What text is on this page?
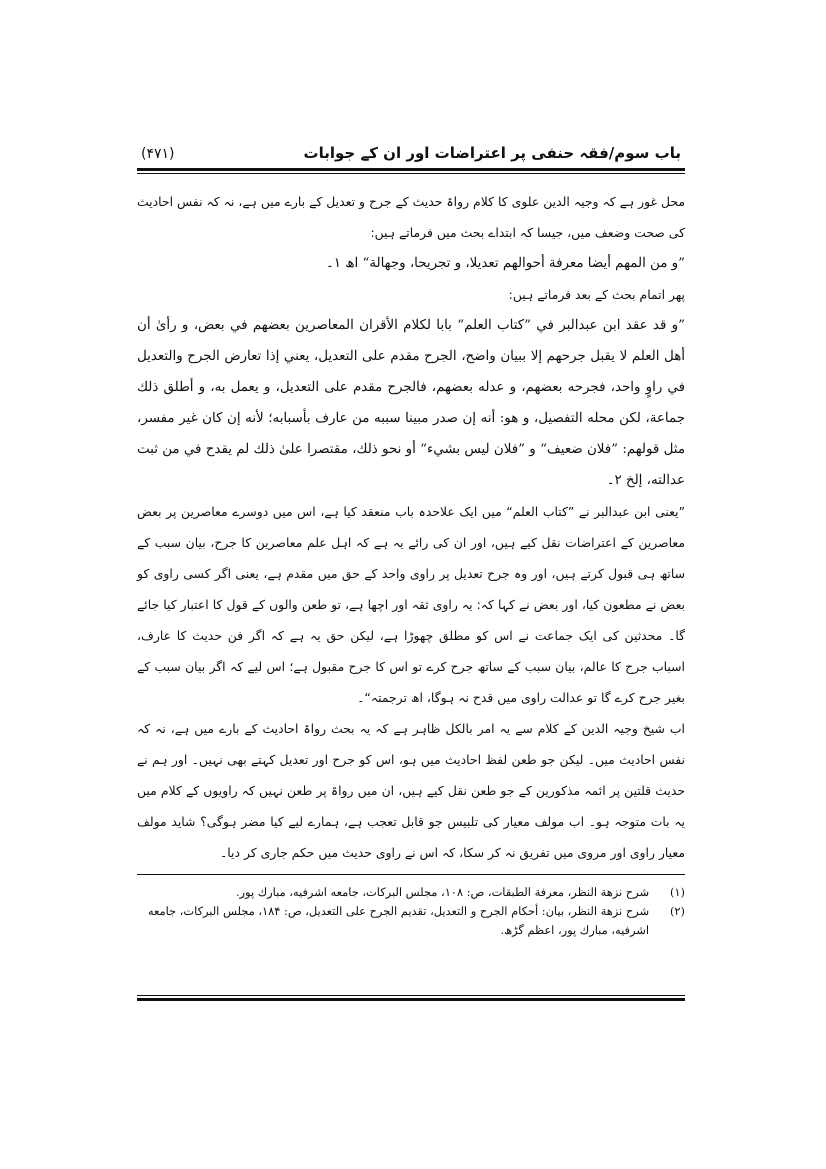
باب سوم/فقہ حنفی پر اعتراضات اور ان کے جوابات
(۴۷۱)

محل غور ہے کہ وجیہ الدین علوی کا کلام رواۃ حدیث کے جرح و تعدیل کے بارے میں ہے، نہ کہ نفس احادیث کی صحت وضعف میں، جیسا کہ ابتداے بحث میں فرماتے ہیں:

”و من المهم أيضا معرفة أحوالهم تعديلا، و تجريحا، وجهالة“ اھ ۱۔

پھر اتمام بحث کے بعد فرماتے ہیں:

”و قد عقد ابن عبدالبر في ”كتاب العلم“ بابا لكلام الأقران المعاصرين بعضهم في بعض، و رأىٰ أن أهل العلم لا يقبل جرحهم إلا ببيان واضح، الجرح مقدم على التعديل، يعني إذا تعارض الجرح والتعديل في راوٍ واحد، فجرحه بعضهم، و عدله بعضهم، فالجرح مقدم على التعديل، و يعمل به، و أطلق ذلك جماعة، لكن محله التفصيل، و هو: أنه إن صدر مبينا سببه من عارف بأسبابه؛ لأنه إن كان غير مفسر، مثل قولهم: ”فلان ضعيف“ و ”فلان ليس بشيء“ أو نحو ذلك، مقتصرا علىٰ ذلك لم يقدح في من ثبت عدالته، إلخ ۲۔

”یعنی ابن عبدالبر نے ”کتاب العلم“ میں ایک علاحدہ باب منعقد کیا ہے، اس میں دوسرے معاصرین پر بعض معاصرین کے اعتراضات نقل کیے ہیں، اور ان کی رائے یہ ہے کہ اہل علم معاصرین کا جرح، بیان سبب کے ساتھ ہی قبول کرتے ہیں، اور وہ جرح تعدیل پر راوی واحد کے حق میں مقدم ہے، یعنی اگر کسی راوی کو بعض نے مطعون کیا، اور بعض نے کہا کہ: یہ راوی ثقہ اور اچھا ہے، تو طعن والوں کے قول کا اعتبار کیا جائے گا۔ محدثین کی ایک جماعت نے اس کو مطلق چھوڑا ہے، لیکن حق یہ ہے کہ اگر فن حدیث کا عارف، اسباب جرح کا عالم، بیان سبب کے ساتھ جرح کرے تو اس کا جرح مقبول ہے؛ اس لیے کہ اگر بیان سبب کے بغیر جرح کرے گا تو عدالت راوی میں قدح نہ ہوگا، اھ ترجمتہ“۔

اب شیخ وجیہ الدین کے کلام سے یہ امر بالکل ظاہر ہے کہ یہ بحث رواۃ احادیث کے بارے میں ہے، نہ کہ نفس احادیث میں۔ لیکن جو طعن لفظ احادیث میں ہو، اس کو جرح اور تعدیل کہتے بھی نہیں۔ اور ہم نے حدیث قلتین پر ائمہ مذکورین کے جو طعن نقل کیے ہیں، ان میں رواۃ پر طعن نہیں کہ راویوں کے کلام میں یہ بات متوجہ ہو۔ اب مولف معیار کی تلبیس جو قابل تعجب ہے، ہمارے لیے کیا مضر ہوگی؟ شاید مولف معیار راوی اور مروی میں تفریق نہ کر سکا، کہ اس نے راوی حدیث میں حکم جاری کر دیا۔

(۱)
شرح نزهة النظر، معرفة الطبقات، ص: ۱۰۸، مجلس البركات، جامعه اشرفيه، مبارك پور.
(۲)
شرح نزهة النظر، بيان: أحكام الجرح و التعديل، تقديم الجرح على التعديل، ص: ۱۸۴، مجلس البركات، جامعه اشرفيه، مبارك پور، اعظم گڑھ.
